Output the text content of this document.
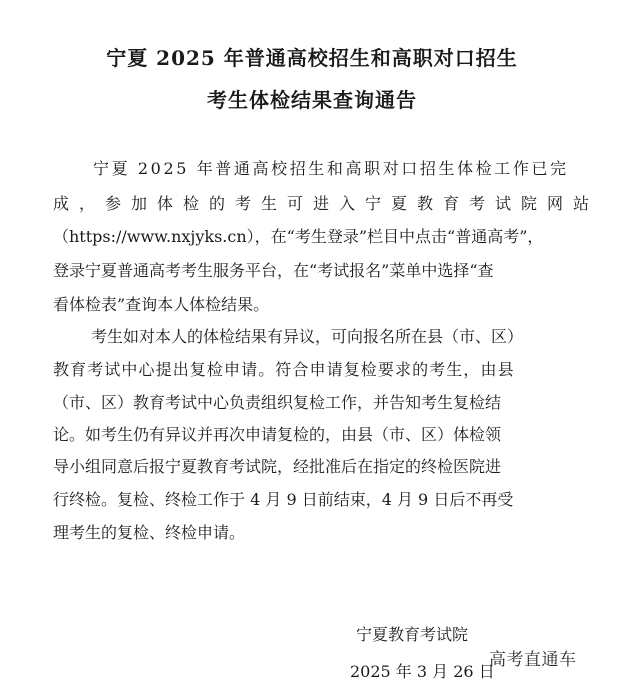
宁夏 2025 年普通高校招生和高职对口招生
考生体检结果查询通告
宁夏 2025 年普通高校招生和高职对口招生体检工作已完
成，参加体检的考生可进入宁夏教育考试院网站
（https://www.nxjyks.cn），在“考生登录”栏目中点击“普通高考”，
登录宁夏普通高考考生服务平台，在“考试报名”菜单中选择“查
看体检表”查询本人体检结果。
考生如对本人的体检结果有异议，可向报名所在县（市、区）
教育考试中心提出复检申请。符合申请复检要求的考生，由县
（市、区）教育考试中心负责组织复检工作，并告知考生复检结
论。如考生仍有异议并再次申请复检的，由县（市、区）体检领
导小组同意后报宁夏教育考试院，经批准后在指定的终检医院进
行终检。复检、终检工作于 4 月 9 日前结束，4 月 9 日后不再受
理考生的复检、终检申请。
宁夏教育考试院
2025 年 3 月 26 日
高考直通车
